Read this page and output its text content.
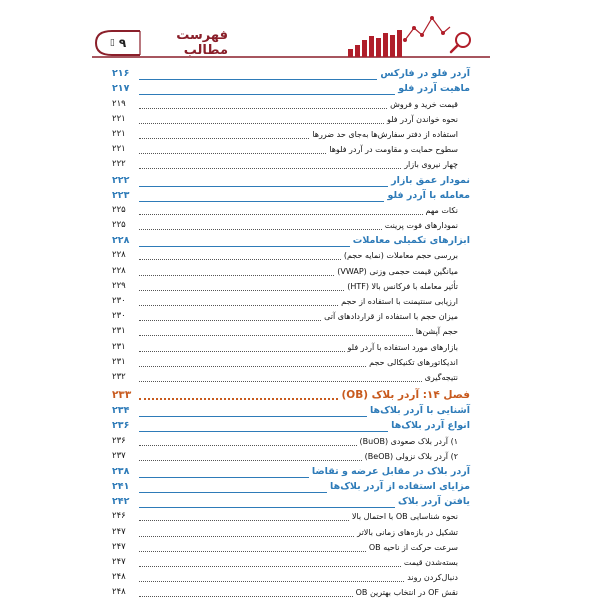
▯ ۹	فهرست مطالب
آردر فلو در فارکس
۲۱۶
ماهیت آردر فلو
۲۱۷
قیمت خرید و فروش
۲۱۹
نحوه خواندن آردر فلو
۲۲۱
استفاده از دفتر سفارش‌ها به‌جای حد ضررها
۲۲۱
سطوح حمایت و مقاومت در آردر فلوها
۲۲۱
چهار نیروی بازار
۲۲۲
نمودار عمق بازار
۲۲۲
معامله با آردر فلو
۲۲۳
نکات مهم
۲۲۵
نمودارهای فوت پرینت
۲۲۵
ابزارهای تکمیلی معاملات
۲۲۸
بررسی حجم معاملات (نمایه حجم)
۲۲۸
میانگین قیمت حجمی وزنی (VWAP)
۲۲۸
تأثیر معامله با فرکانس بالا (HTF)
۲۲۹
ارزیابی سنتیمنت با استفاده از حجم
۲۳۰
میزان حجم با استفاده از قراردادهای آتی
۲۳۰
حجم آپشن‌ها
۲۳۱
بازارهای مورد استفاده با آردر فلو
۲۳۱
اندیکاتورهای تکنیکالی حجم
۲۳۱
نتیجه‌گیری
۲۳۲
فصل ۱۴: آردر بلاک (OB)
۲۳۳
آشنایی با آردر بلاک‌ها
۲۳۴
انواع آردر بلاک‌ها
۲۳۶
۱) آردر بلاک صعودی (BuOB)
۲۳۶
۲) آردر بلاک نزولی (BeOB)
۲۳۷
آردر بلاک در مقابل عرضه و تقاضا
۲۳۸
مزایای استفاده از آردر بلاک‌ها
۲۴۱
یافتن آردر بلاک
۲۴۲
نحوه شناسایی OB با احتمال بالا
۲۴۶
تشکیل در بازه‌های زمانی بالاتر
۲۴۷
سرعت حرکت از ناحیه OB
۲۴۷
بسته‌شدن قیمت
۲۴۷
دنبال‌کردن روند
۲۴۸
نقش OF در انتخاب بهترین OB
۲۴۸
